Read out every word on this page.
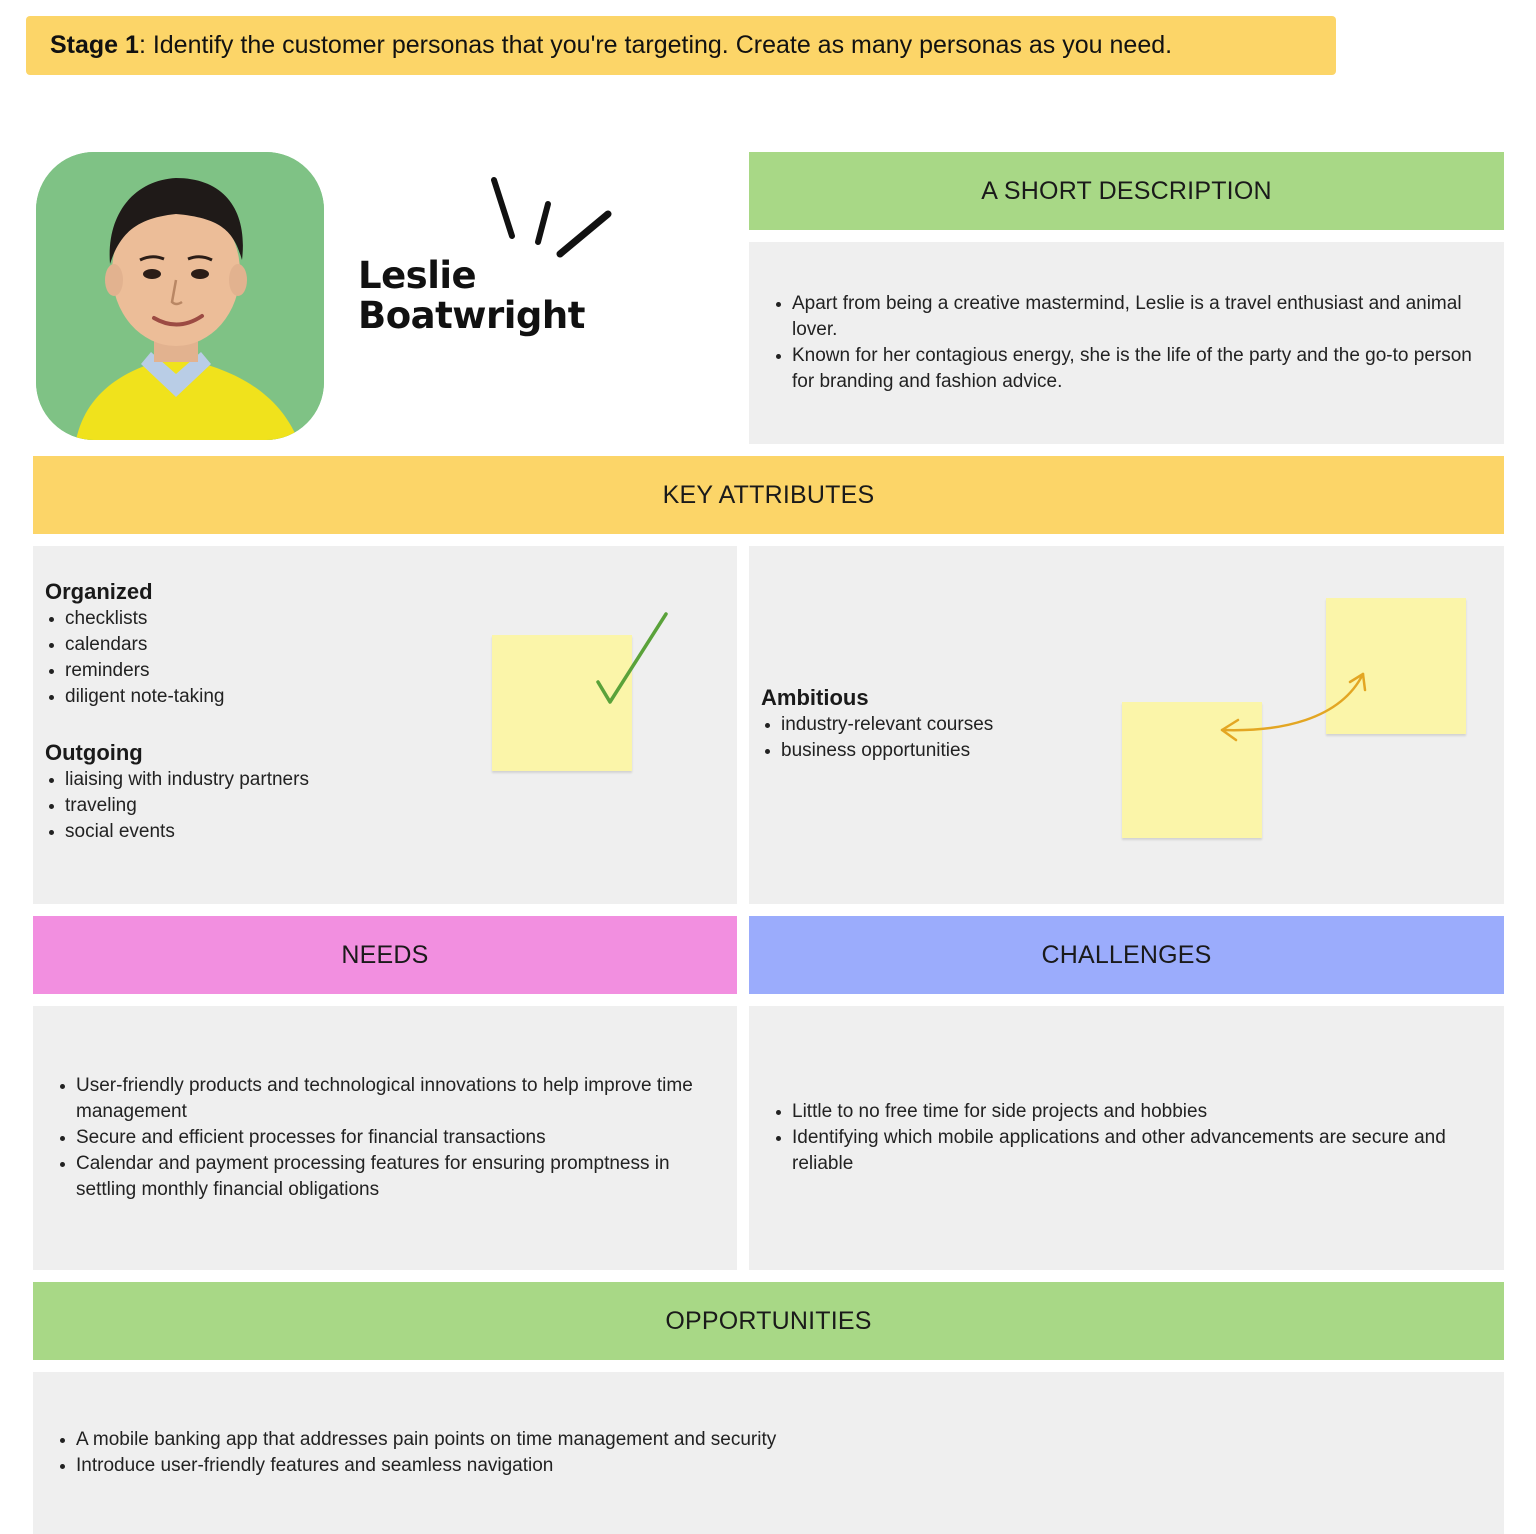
Stage 1 : Identify the customer personas that you're targeting. Create as many personas as you need.
Leslie
Boatwright
A SHORT DESCRIPTION
Apart from being a creative mastermind, Leslie is a travel enthusiast and animal lover.
Known for her contagious energy, she is the life of the party and the go-to person for branding and fashion advice.
KEY ATTRIBUTES
Organized
checklists
calendars
reminders
diligent note-taking
Outgoing
liaising with industry partners
traveling
social events
Ambitious
industry-relevant courses
business opportunities
NEEDS	CHALLENGES
User-friendly products and technological innovations to help improve time management
Secure and efficient processes for financial transactions
Calendar and payment processing features for ensuring promptness in settling monthly financial obligations
Little to no free time for side projects and hobbies
Identifying which mobile applications and other advancements are secure and reliable
OPPORTUNITIES
A mobile banking app that addresses pain points on time management and security
Introduce user-friendly features and seamless navigation
